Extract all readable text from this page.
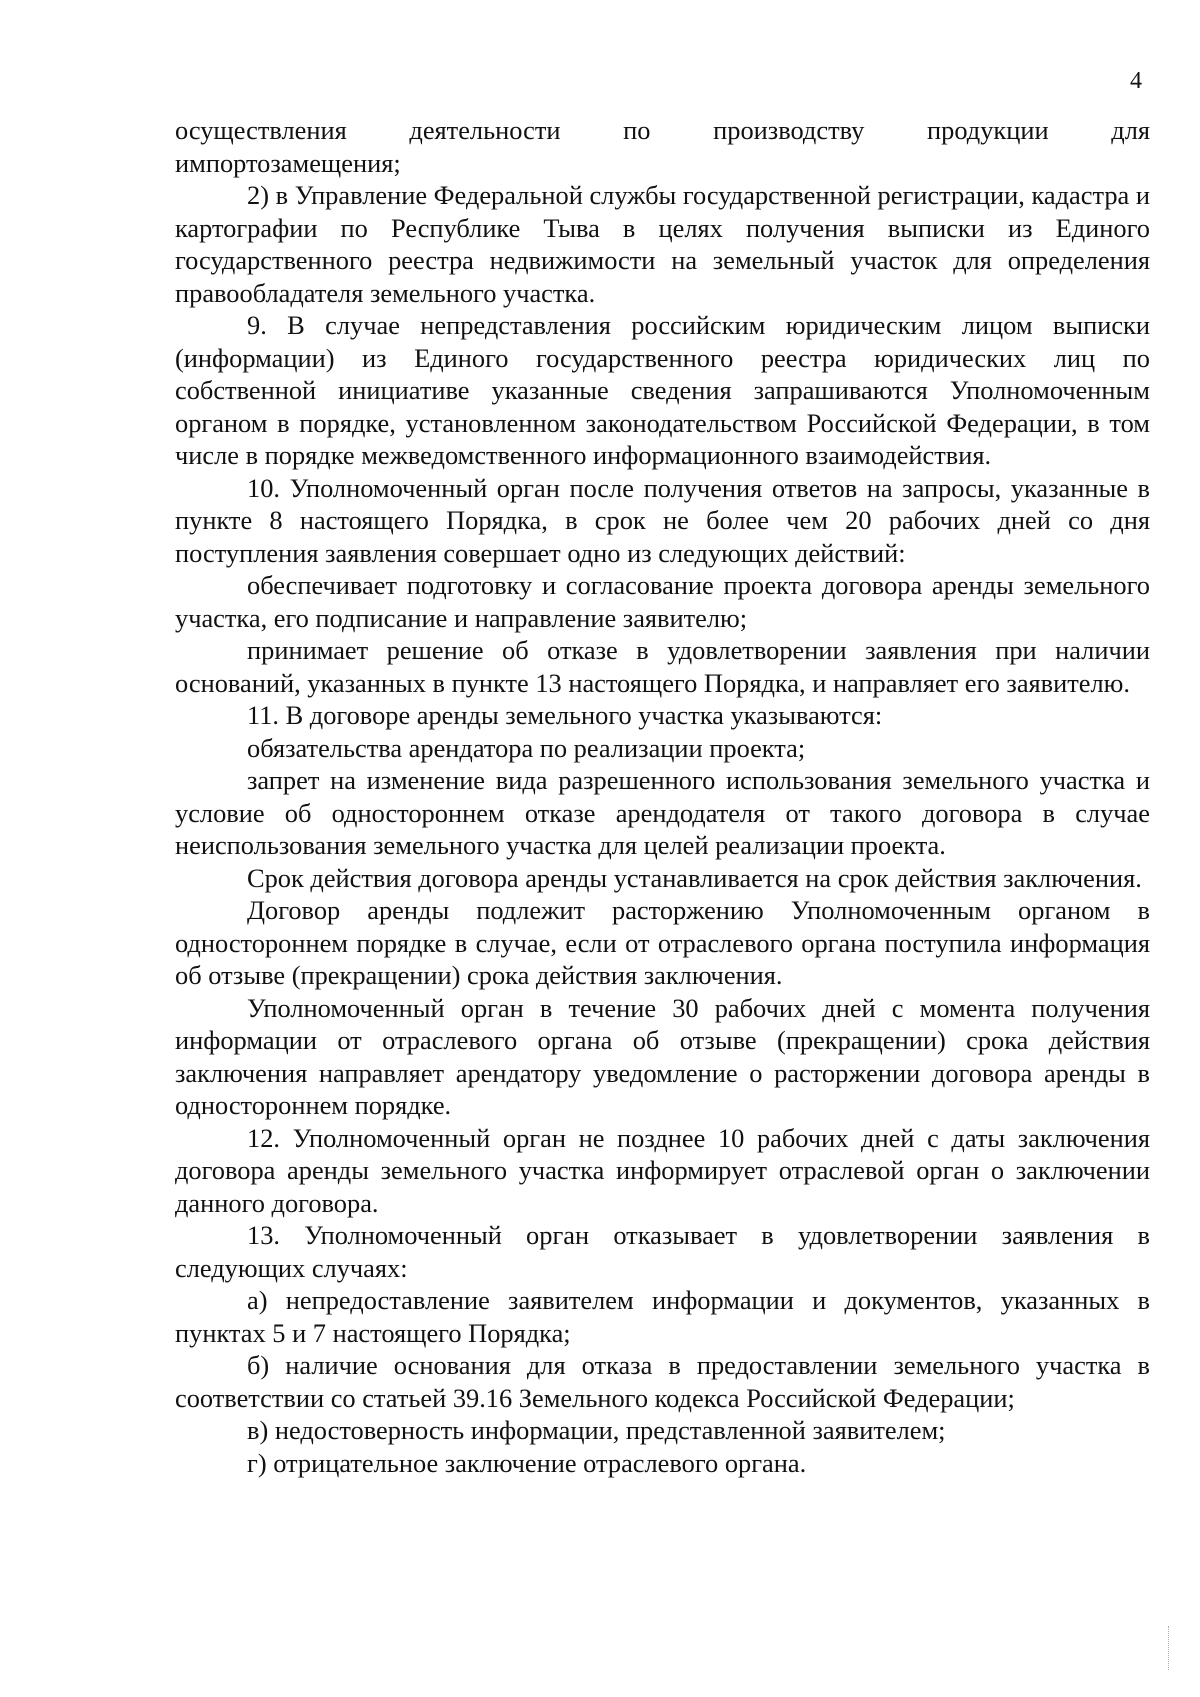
4

осуществления деятельности по производству продукции для

импортозамещения;

2) в Управление Федеральной службы государственной регистрации, кадастра и картографии по Республике Тыва в целях получения выписки из Единого государственного реестра недвижимости на земельный участок для определения правообладателя земельного участка.

9. В случае непредставления российским юридическим лицом выписки (информации) из Единого государственного реестра юридических лиц по собственной инициативе указанные сведения запрашиваются Уполномоченным органом в порядке, установленном законодательством Российской Федерации, в том числе в порядке межведомственного информационного взаимодействия.

10. Уполномоченный орган после получения ответов на запросы, указанные в пункте 8 настоящего Порядка, в срок не более чем 20 рабочих дней со дня поступления заявления совершает одно из следующих действий:

обеспечивает подготовку и согласование проекта договора аренды земельного участка, его подписание и направление заявителю;

принимает решение об отказе в удовлетворении заявления при наличии оснований, указанных в пункте 13 настоящего Порядка, и направляет его заявителю.

11. В договоре аренды земельного участка указываются:

обязательства арендатора по реализации проекта;

запрет на изменение вида разрешенного использования земельного участка и условие об одностороннем отказе арендодателя от такого договора в случае неиспользования земельного участка для целей реализации проекта.

Срок действия договора аренды устанавливается на срок действия заключения.

Договор аренды подлежит расторжению Уполномоченным органом в одностороннем порядке в случае, если от отраслевого органа поступила информация об отзыве (прекращении) срока действия заключения.

Уполномоченный орган в течение 30 рабочих дней с момента получения информации от отраслевого органа об отзыве (прекращении) срока действия заключения направляет арендатору уведомление о расторжении договора аренды в одностороннем порядке.

12. Уполномоченный орган не позднее 10 рабочих дней с даты заключения договора аренды земельного участка информирует отраслевой орган о заключении данного договора.

13. Уполномоченный орган отказывает в удовлетворении заявления в следующих случаях:

а) непредоставление заявителем информации и документов, указанных в пунктах 5 и 7 настоящего Порядка;

б) наличие основания для отказа в предоставлении земельного участка в соответствии со статьей 39.16 Земельного кодекса Российской Федерации;

в) недостоверность информации, представленной заявителем;

г) отрицательное заключение отраслевого органа.
